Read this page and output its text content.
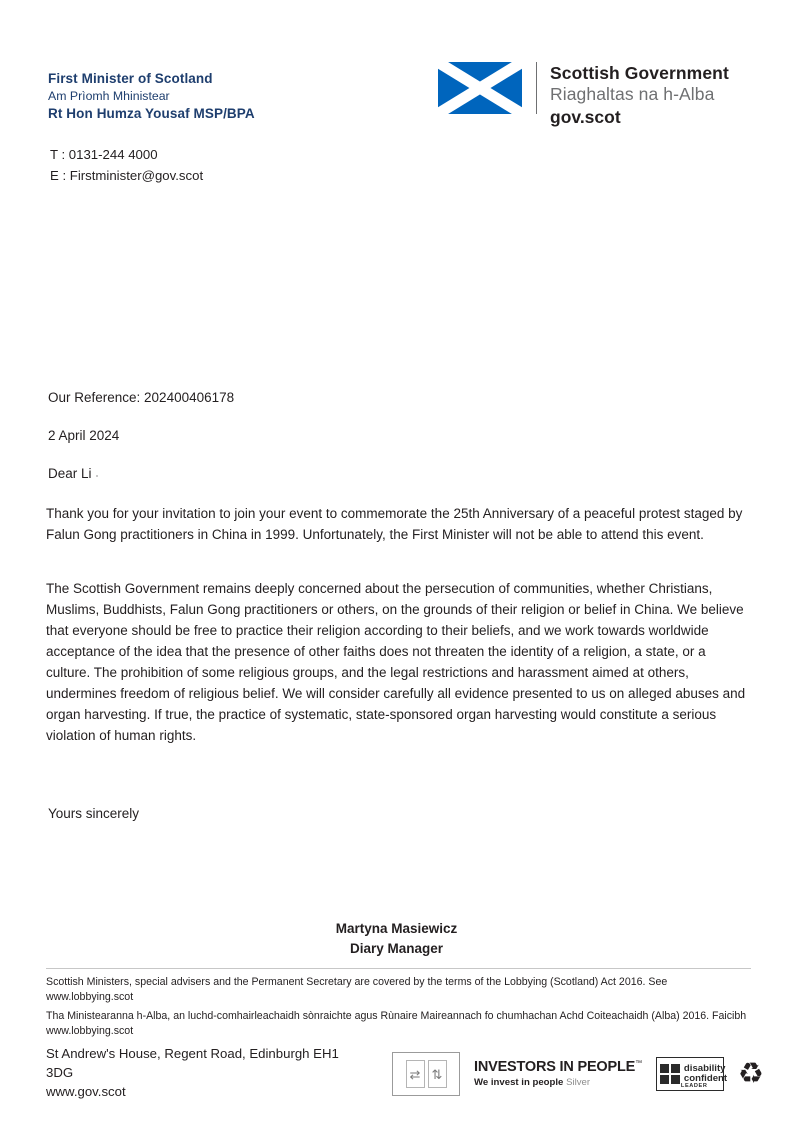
First Minister of Scotland
Am Prìomh Mhinistear
Rt Hon Humza Yousaf MSP/BPA
Scottish Government
Riaghaltas na h-Alba
gov.scot
T : 0131-244 4000
E : Firstminister@gov.scot
Our Reference: 202400406178
2 April 2024
Dear Li
Thank you for your invitation to join your event to commemorate the 25th Anniversary of a peaceful protest staged by Falun Gong practitioners in China in 1999. Unfortunately, the First Minister will not be able to attend this event.
The Scottish Government remains deeply concerned about the persecution of communities, whether Christians, Muslims, Buddhists, Falun Gong practitioners or others, on the grounds of their religion or belief in China. We believe that everyone should be free to practice their religion according to their beliefs, and we work towards worldwide acceptance of the idea that the presence of other faiths does not threaten the identity of a religion, a state, or a culture. The prohibition of some religious groups, and the legal restrictions and harassment aimed at others, undermines freedom of religious belief. We will consider carefully all evidence presented to us on alleged abuses and organ harvesting. If true, the practice of systematic, state-sponsored organ harvesting would constitute a serious violation of human rights.
Yours sincerely
Martyna Masiewicz
Diary Manager
Scottish Ministers, special advisers and the Permanent Secretary are covered by the terms of the Lobbying (Scotland) Act 2016. See www.lobbying.scot
Tha Ministearanna h-Alba, an luchd-comhairleachaidh sònraichte agus Rùnaire Maireannach fo chumhachan Achd Coiteachaidh (Alba) 2016. Faicibh www.lobbying.scot
St Andrew's House, Regent Road, Edinburgh EH1
3DG
www.gov.scot
⇄ ⇅ INVESTORS IN PEOPLE™
We invest in people Silver
disability
confident
LEADER ♻
